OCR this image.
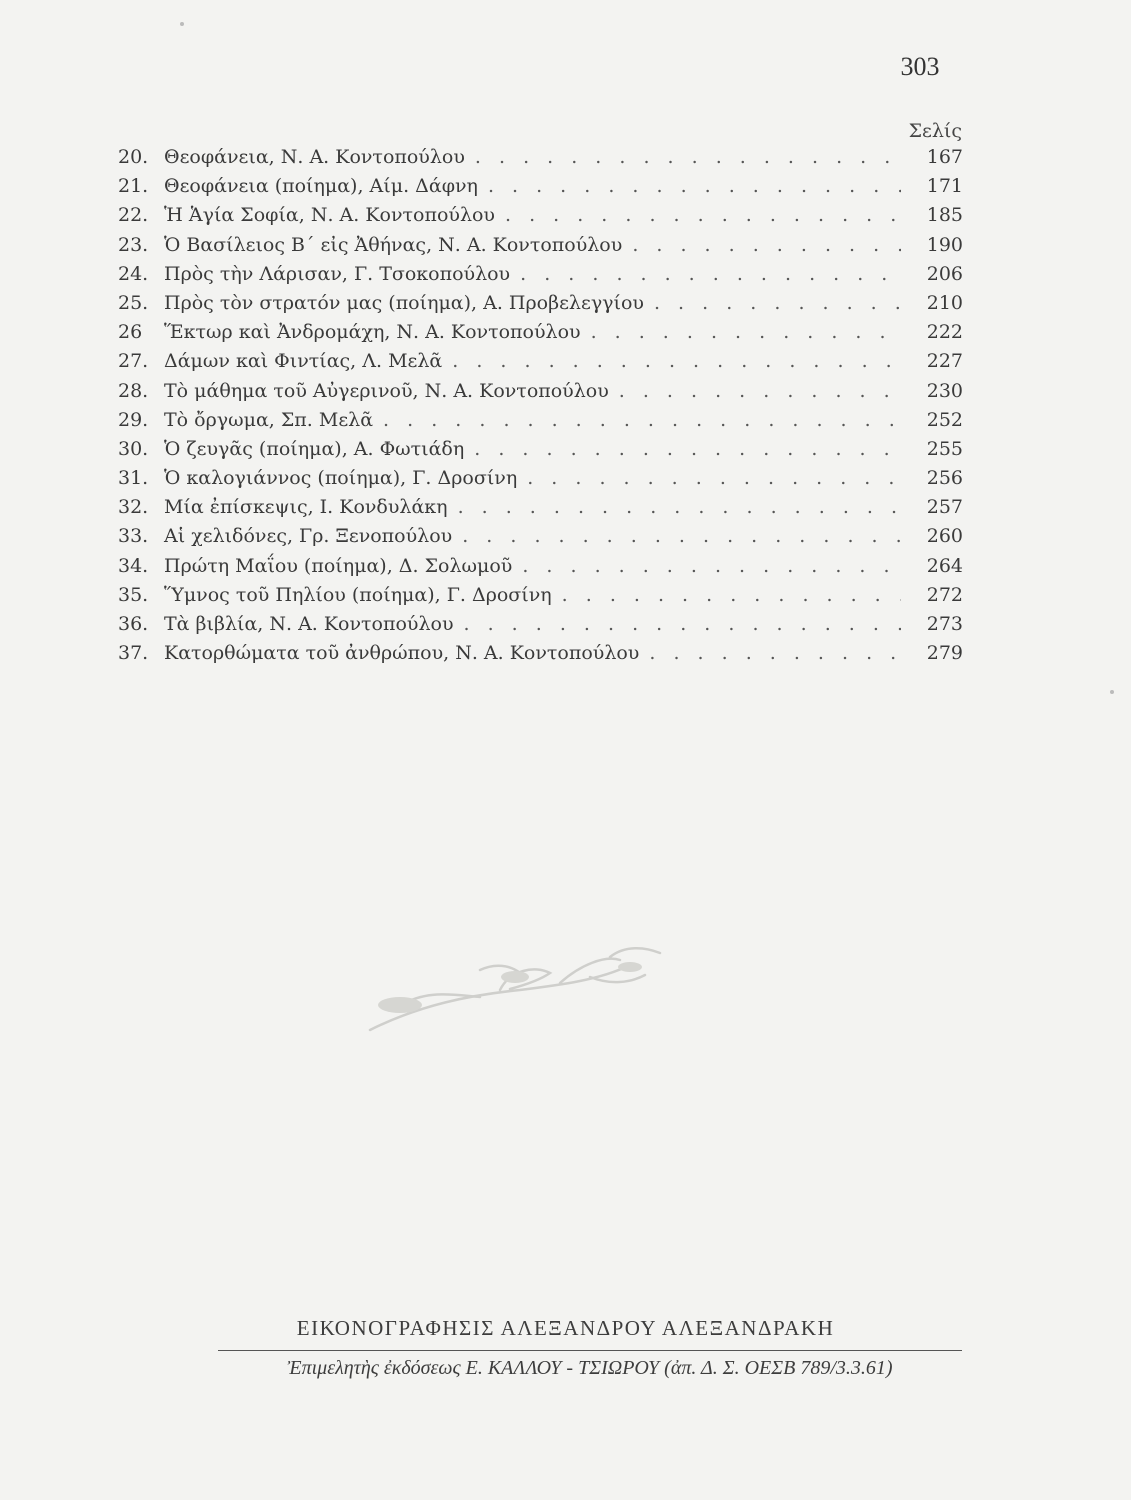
303
Σελίς
20. Θεοφάνεια, Ν. Α. Κοντοπούλου . . .	167
21. Θεοφάνεια (ποίημα), Αίμ. Δάφνη . . .	171
22. Ἡ Ἁγία Σοφία, Ν. Α. Κοντοπούλου . . .	185
23. Ὁ Βασίλειος Β΄ εἰς Ἀθήνας, Ν. Α. Κοντοπούλου . . .	190
24. Πρὸς τὴν Λάρισαν, Γ. Τσοκοπούλου . . .	206
25. Πρὸς τὸν στρατόν μας (ποίημα), Α. Προβελεγγίου . . .	210
26	Ἕκτωρ καὶ Ἀνδρομάχη, Ν. Α. Κοντοπούλου . . .	222
27. Δάμων καὶ Φιντίας, Λ. Μελᾶ . . .	227
28. Τὸ μάθημα τοῦ Αὐγερινοῦ, Ν. Α. Κοντοπούλου . . .	230
29. Τὸ ὄργωμα, Σπ. Μελᾶ . . .	252
30. Ὁ ζευγᾶς (ποίημα), Α. Φωτιάδη . . .	255
31. Ὁ καλογιάννος (ποίημα), Γ. Δροσίνη . . .	256
32. Μία ἐπίσκεψις, Ι. Κονδυλάκη . . .	257
33. Αἱ χελιδόνες, Γρ. Ξενοπούλου . . .	260
34. Πρώτη Μαΐου (ποίημα), Δ. Σολωμοῦ . . .	264
35. Ὕμνος τοῦ Πηλίου (ποίημα), Γ. Δροσίνη . . .	272
36. Τὰ βιβλία, Ν. Α. Κοντοπούλου . . .	273
37. Κατορθώματα τοῦ ἀνθρώπου, Ν. Α. Κοντοπούλου . . .	279
ΕΙΚΟΝΟΓΡΑΦΗΣΙΣ ΑΛΕΞΑΝΔΡΟΥ ΑΛΕΞΑΝΔΡΑΚΗ
Ἐπιμελητὴς ἐκδόσεως Ε. ΚΑΛΛΟΥ - ΤΣΙΩΡΟΥ (ἀπ. Δ. Σ. ΟΕΣΒ 789/3.3.61)
